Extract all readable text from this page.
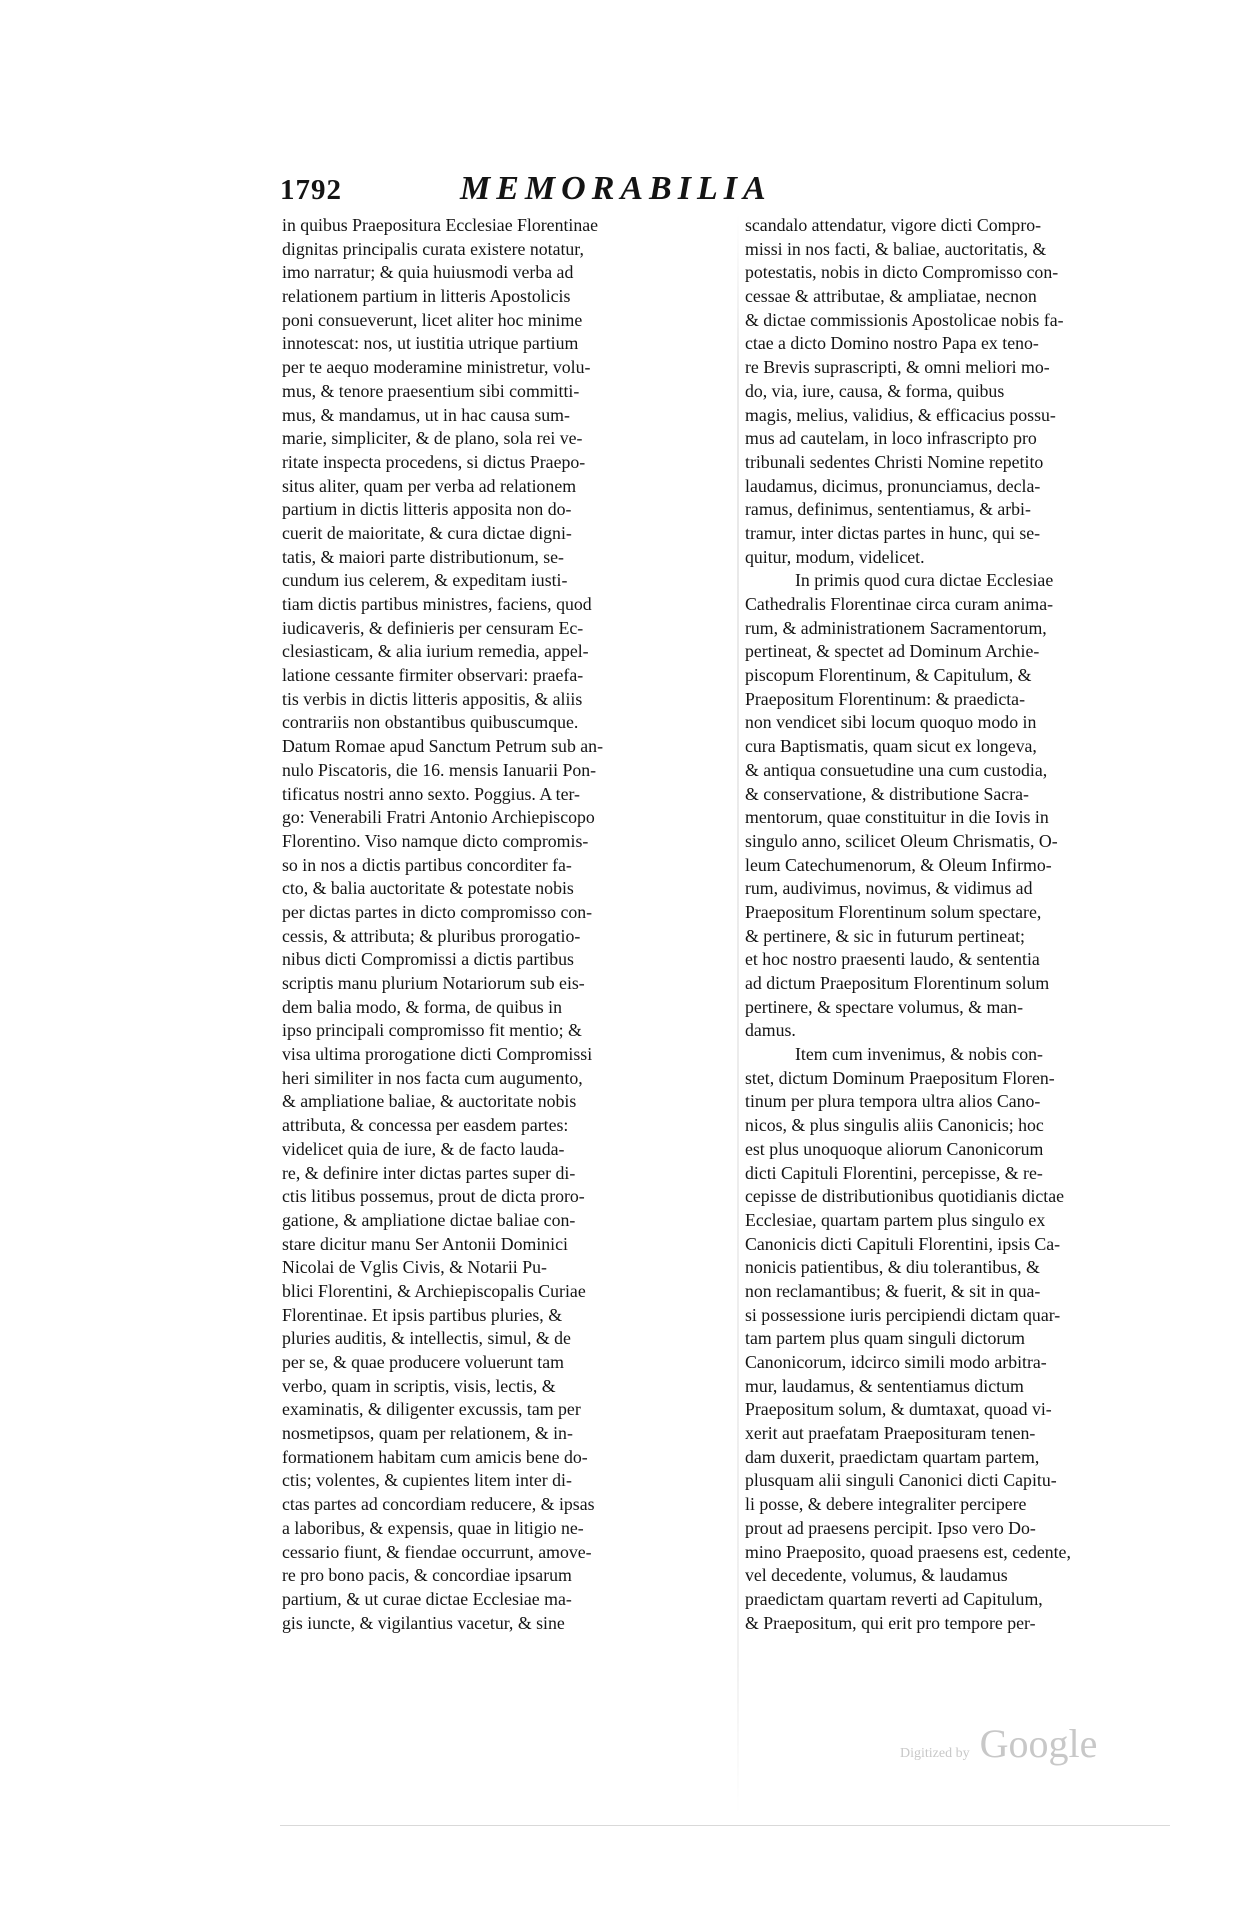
1792	MEMORABILIA
in quibus Praepositura Ecclesiae Florentinae
dignitas principalis curata existere notatur,
imo narratur; & quia huiusmodi verba ad
relationem partium in litteris Apostolicis
poni consueverunt, licet aliter hoc minime
innotescat: nos, ut iustitia utrique partium
per te aequo moderamine ministretur, volu-
mus, & tenore praesentium sibi committi-
mus, & mandamus, ut in hac causa sum-
marie, simpliciter, & de plano, sola rei ve-
ritate inspecta procedens, si dictus Praepo-
situs aliter, quam per verba ad relationem
partium in dictis litteris apposita non do-
cuerit de maioritate, & cura dictae digni-
tatis, & maiori parte distributionum, se-
cundum ius celerem, & expeditam iusti-
tiam dictis partibus ministres, faciens, quod
iudicaveris, & definieris per censuram Ec-
clesiasticam, & alia iurium remedia, appel-
latione cessante firmiter observari: praefa-
tis verbis in dictis litteris appositis, & aliis
contrariis non obstantibus quibuscumque.
Datum Romae apud Sanctum Petrum sub an-
nulo Piscatoris, die 16. mensis Ianuarii Pon-
tificatus nostri anno sexto. Poggius. A ter-
go: Venerabili Fratri Antonio Archiepiscopo
Florentino. Viso namque dicto compromis-
so in nos a dictis partibus concorditer fa-
cto, & balia auctoritate & potestate nobis
per dictas partes in dicto compromisso con-
cessis, & attributa; & pluribus prorogatio-
nibus dicti Compromissi a dictis partibus
scriptis manu plurium Notariorum sub eis-
dem balia modo, & forma, de quibus in
ipso principali compromisso fit mentio; &
visa ultima prorogatione dicti Compromissi
heri similiter in nos facta cum augumento,
& ampliatione baliae, & auctoritate nobis
attributa, & concessa per easdem partes:
videlicet quia de iure, & de facto lauda-
re, & definire inter dictas partes super di-
ctis litibus possemus, prout de dicta proro-
gatione, & ampliatione dictae baliae con-
stare dicitur manu Ser Antonii Dominici
Nicolai de Vglis Civis, & Notarii Pu-
blici Florentini, & Archiepiscopalis Curiae
Florentinae. Et ipsis partibus pluries, &
pluries auditis, & intellectis, simul, & de
per se, & quae producere voluerunt tam
verbo, quam in scriptis, visis, lectis, &
examinatis, & diligenter excussis, tam per
nosmetipsos, quam per relationem, & in-
formationem habitam cum amicis bene do-
ctis; volentes, & cupientes litem inter di-
ctas partes ad concordiam reducere, & ipsas
a laboribus, & expensis, quae in litigio ne-
cessario fiunt, & fiendae occurrunt, amove-
re pro bono pacis, & concordiae ipsarum
partium, & ut curae dictae Ecclesiae ma-
gis iuncte, & vigilantius vacetur, & sine
scandalo attendatur, vigore dicti Compro-
missi in nos facti, & baliae, auctoritatis, &
potestatis, nobis in dicto Compromisso con-
cessae & attributae, & ampliatae, necnon
& dictae commissionis Apostolicae nobis fa-
ctae a dicto Domino nostro Papa ex teno-
re Brevis suprascripti, & omni meliori mo-
do, via, iure, causa, & forma, quibus
magis, melius, validius, & efficacius possu-
mus ad cautelam, in loco infrascripto pro
tribunali sedentes Christi Nomine repetito
laudamus, dicimus, pronunciamus, decla-
ramus, definimus, sententiamus, & arbi-
tramur, inter dictas partes in hunc, qui se-
quitur, modum, videlicet.
In primis quod cura dictae Ecclesiae
Cathedralis Florentinae circa curam anima-
rum, & administrationem Sacramentorum,
pertineat, & spectet ad Dominum Archie-
piscopum Florentinum, & Capitulum, &
Praepositum Florentinum: & praedicta-
non vendicet sibi locum quoquo modo in
cura Baptismatis, quam sicut ex longeva,
& antiqua consuetudine una cum custodia,
& conservatione, & distributione Sacra-
mentorum, quae constituitur in die Iovis in
singulo anno, scilicet Oleum Chrismatis, O-
leum Catechumenorum, & Oleum Infirmo-
rum, audivimus, novimus, & vidimus ad
Praepositum Florentinum solum spectare,
& pertinere, & sic in futurum pertineat;
et hoc nostro praesenti laudo, & sententia
ad dictum Praepositum Florentinum solum
pertinere, & spectare volumus, & man-
damus.
Item cum invenimus, & nobis con-
stet, dictum Dominum Praepositum Floren-
tinum per plura tempora ultra alios Cano-
nicos, & plus singulis aliis Canonicis; hoc
est plus unoquoque aliorum Canonicorum
dicti Capituli Florentini, percepisse, & re-
cepisse de distributionibus quotidianis dictae
Ecclesiae, quartam partem plus singulo ex
Canonicis dicti Capituli Florentini, ipsis Ca-
nonicis patientibus, & diu tolerantibus, &
non reclamantibus; & fuerit, & sit in qua-
si possessione iuris percipiendi dictam quar-
tam partem plus quam singuli dictorum
Canonicorum, idcirco simili modo arbitra-
mur, laudamus, & sententiamus dictum
Praepositum solum, & dumtaxat, quoad vi-
xerit aut praefatam Praeposituram tenen-
dam duxerit, praedictam quartam partem,
plusquam alii singuli Canonici dicti Capitu-
li posse, & debere integraliter percipere
prout ad praesens percipit. Ipso vero Do-
mino Praeposito, quoad praesens est, cedente,
vel decedente, volumus, & laudamus
praedictam quartam reverti ad Capitulum,
& Praepositum, qui erit pro tempore per-
Digitized by Google
